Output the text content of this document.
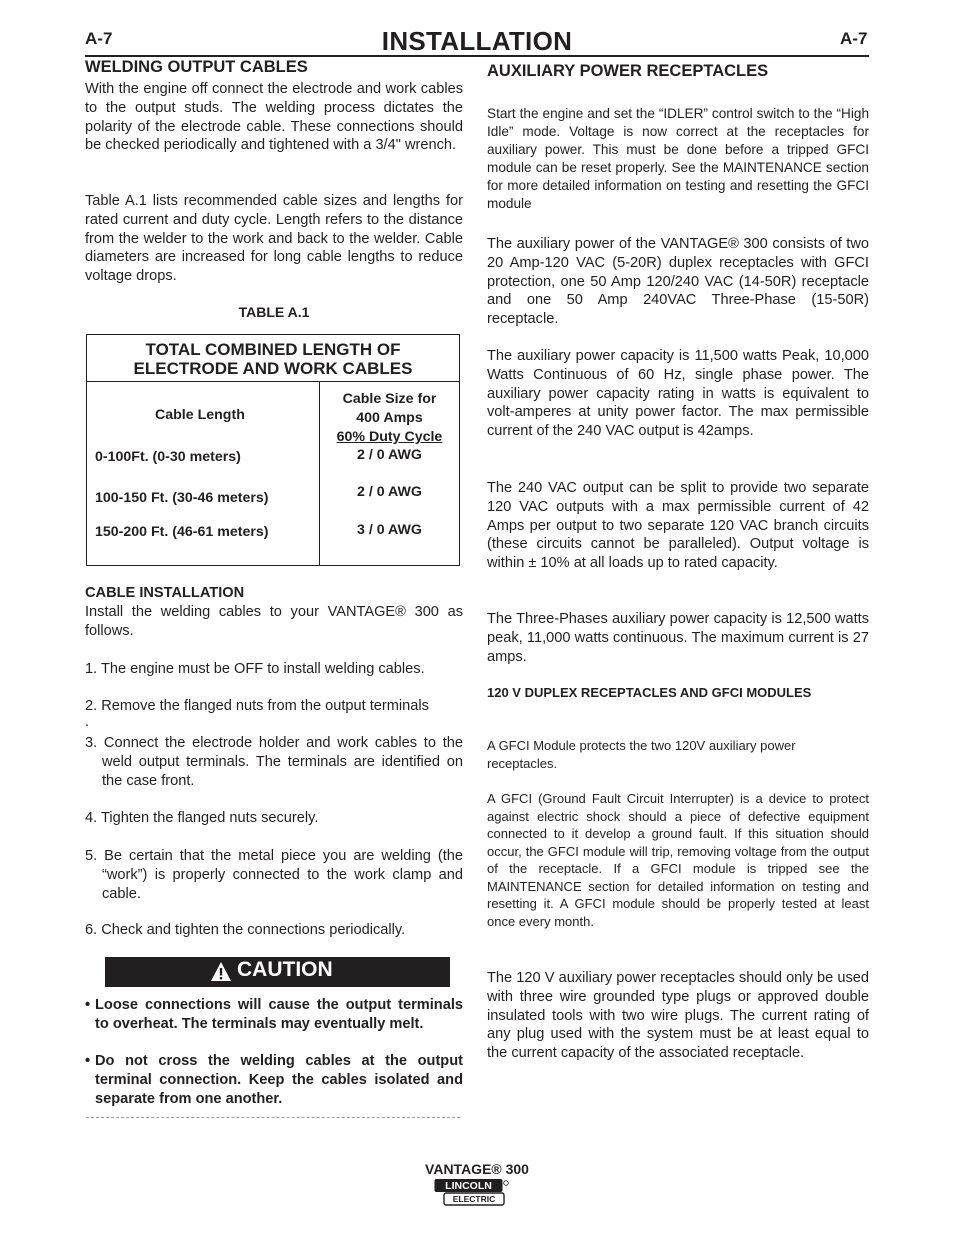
A-7	INSTALLATION	A-7
WELDING OUTPUT CABLES
With the engine off connect the electrode and work cables to the output studs. The welding process dictates the polarity of the electrode cable. These connections should be checked periodically and tightened with a 3/4" wrench.
Table A.1 lists recommended cable sizes and lengths for rated current and duty cycle. Length refers to the distance from the welder to the work and back to the welder. Cable diameters are increased for long cable lengths to reduce voltage drops.
TABLE A.1
TOTAL COMBINED LENGTH OF
ELECTRODE AND WORK CABLES
Cable Length
Cable Size for
400 Amps
60% Duty Cycle
0-100Ft. (0-30 meters)	2 / 0 AWG
100-150 Ft. (30-46 meters)	2 / 0 AWG
150-200 Ft. (46-61 meters)	3 / 0 AWG
CABLE INSTALLATION
Install the welding cables to your VANTAGE® 300 as follows.
1. The engine must be OFF to install welding cables.
2. Remove the flanged nuts from the output terminals
.
3. Connect the electrode holder and work cables to the weld output terminals. The terminals are identified on the case front.
4. Tighten the flanged nuts securely.
5. Be certain that the metal piece you are welding (the “work”) is properly connected to the work clamp and cable.
6. Check and tighten the connections periodically.
CAUTION
• Loose connections will cause the output terminals to overheat. The terminals may eventually melt.
• Do not cross the welding cables at the output terminal connection. Keep the cables isolated and separate from one another.
AUXILIARY POWER RECEPTACLES
Start the engine and set the “IDLER” control switch to the “High Idle” mode. Voltage is now correct at the receptacles for auxiliary power. This must be done before a tripped GFCI module can be reset properly. See the MAINTENANCE section for more detailed information on testing and resetting the GFCI module
The auxiliary power of the VANTAGE® 300 consists of two 20 Amp-120 VAC (5-20R) duplex receptacles with GFCI protection, one 50 Amp 120/240 VAC (14-50R) receptacle and one 50 Amp 240VAC Three-Phase (15-50R) receptacle.
The auxiliary power capacity is 11,500 watts Peak, 10,000 Watts Continuous of 60 Hz, single phase power. The auxiliary power capacity rating in watts is equivalent to volt-amperes at unity power factor. The max permissible current of the 240 VAC output is 42amps.
The 240 VAC output can be split to provide two separate 120 VAC outputs with a max permissible current of 42 Amps per output to two separate 120 VAC branch circuits (these circuits cannot be paralleled). Output voltage is within ± 10% at all loads up to rated capacity.
The Three-Phases auxiliary power capacity is 12,500 watts peak, 11,000 watts continuous. The maximum current is 27 amps.
120 V DUPLEX RECEPTACLES AND GFCI MODULES
A GFCI Module protects the two 120V auxiliary power receptacles.
A GFCI (Ground Fault Circuit Interrupter) is a device to protect against electric shock should a piece of defective equipment connected to it develop a ground fault. If this situation should occur, the GFCI module will trip, removing voltage from the output of the receptacle. If a GFCI module is tripped see the MAINTENANCE section for detailed information on testing and resetting it. A GFCI module should be properly tested at least once every month.
The 120 V auxiliary power receptacles should only be used with three wire grounded type plugs or approved double insulated tools with two wire plugs. The current rating of any plug used with the system must be at least equal to the current capacity of the associated receptacle.
VANTAGE® 300
LINCOLN
ELECTRIC
